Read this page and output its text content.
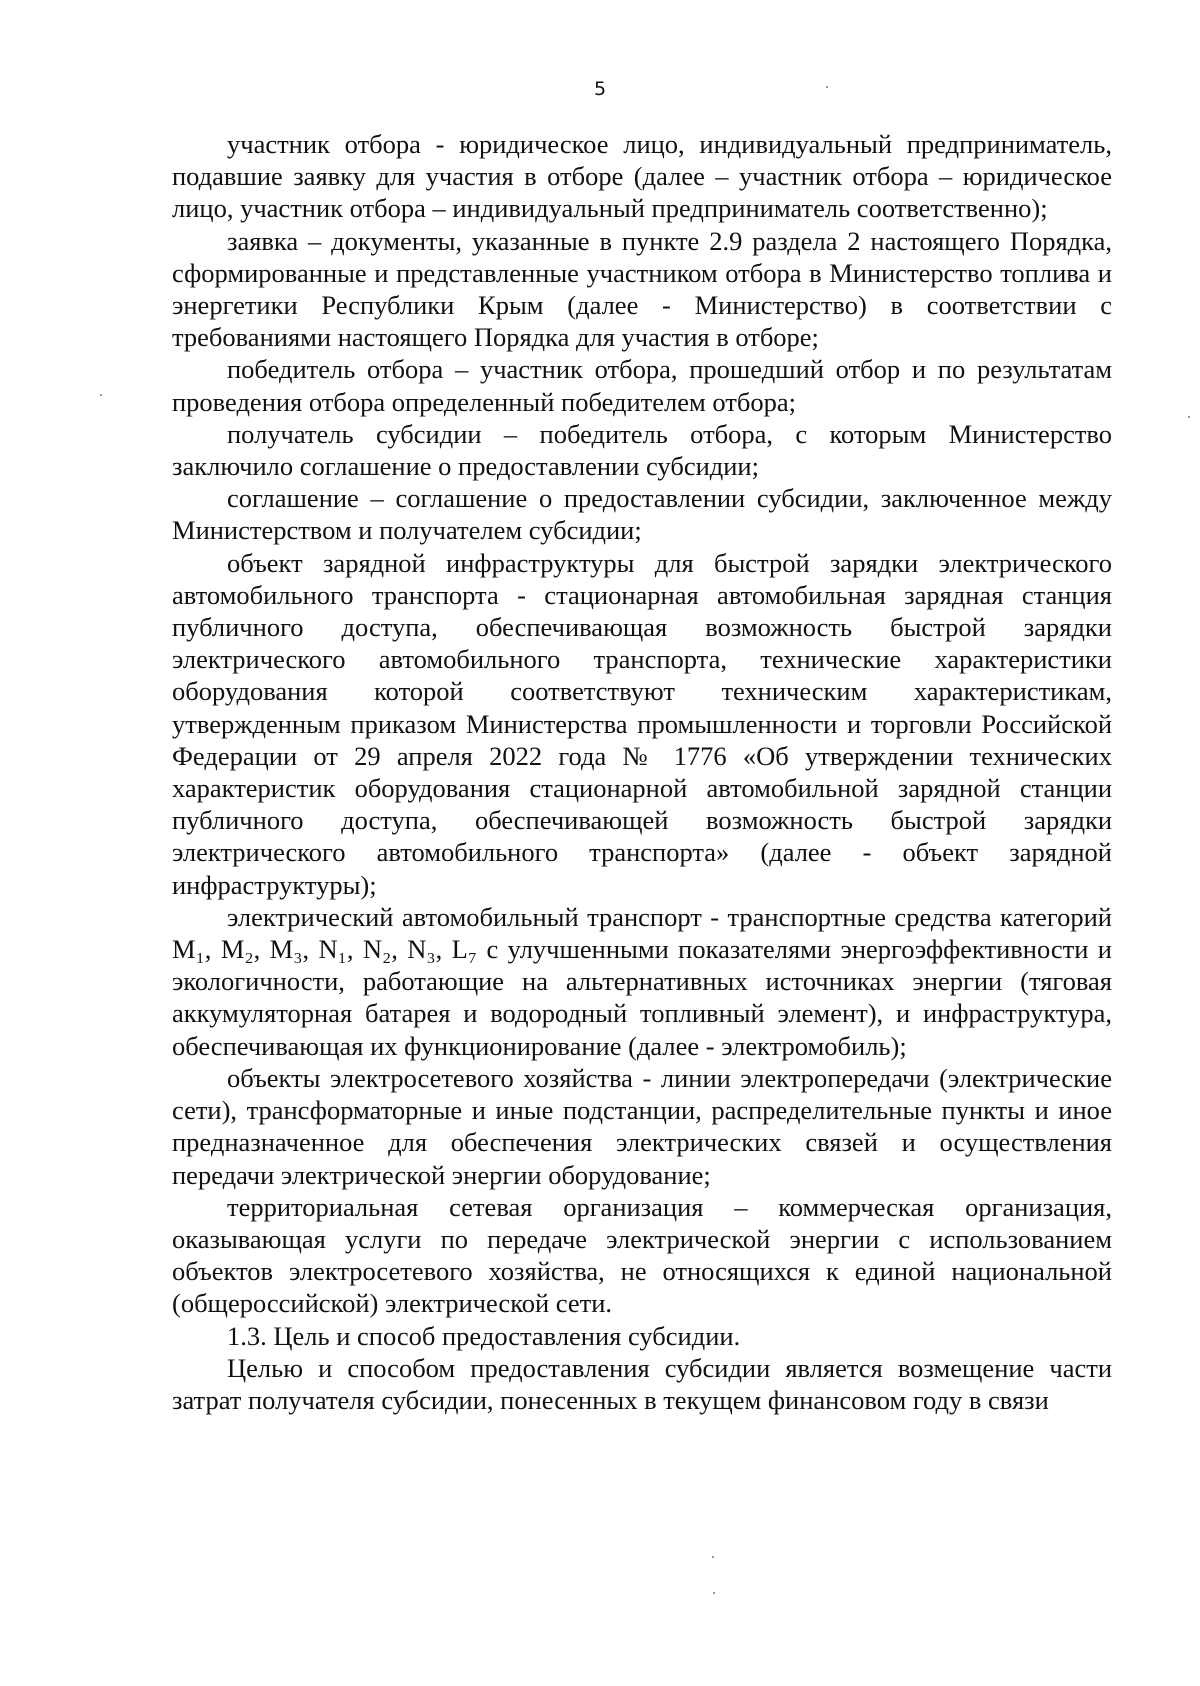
5

участник отбора - юридическое лицо, индивидуальный предприниматель, подавшие заявку для участия в отборе (далее – участник отбора – юридическое лицо, участник отбора – индивидуальный предприниматель соответственно);

заявка – документы, указанные в пункте 2.9 раздела 2 настоящего Порядка, сформированные и представленные участником отбора в Министерство топлива и энергетики Республики Крым (далее - Министерство) в соответствии с требованиями настоящего Порядка для участия в отборе;

победитель отбора – участник отбора, прошедший отбор и по результатам проведения отбора определенный победителем отбора;

получатель субсидии – победитель отбора, с которым Министерство заключило соглашение о предоставлении субсидии;

соглашение – соглашение о предоставлении субсидии, заключенное между Министерством и получателем субсидии;

объект зарядной инфраструктуры для быстрой зарядки электрического автомобильного транспорта - стационарная автомобильная зарядная станция публичного доступа, обеспечивающая возможность быстрой зарядки электрического автомобильного транспорта, технические характеристики оборудования которой соответствуют техническим характеристикам, утвержденным приказом Министерства промышленности и торговли Российской Федерации от 29 апреля 2022 года № 1776 «Об утверждении технических характеристик оборудования стационарной автомобильной зарядной станции публичного доступа, обеспечивающей возможность быстрой зарядки электрического автомобильного транспорта» (далее - объект зарядной инфраструктуры);

электрический автомобильный транспорт - транспортные средства категорий M₁, M₂, M₃, N₁, N₂, N₃, L₇ с улучшенными показателями энергоэффективности и экологичности, работающие на альтернативных источниках энергии (тяговая аккумуляторная батарея и водородный топливный элемент), и инфраструктура, обеспечивающая их функционирование (далее - электромобиль);

объекты электросетевого хозяйства - линии электропередачи (электрические сети), трансформаторные и иные подстанции, распределительные пункты и иное предназначенное для обеспечения электрических связей и осуществления передачи электрической энергии оборудование;

территориальная сетевая организация – коммерческая организация, оказывающая услуги по передаче электрической энергии с использованием объектов электросетевого хозяйства, не относящихся к единой национальной (общероссийской) электрической сети.

1.3. Цель и способ предоставления субсидии.

Целью и способом предоставления субсидии является возмещение части затрат получателя субсидии, понесенных в текущем финансовом году в связи
